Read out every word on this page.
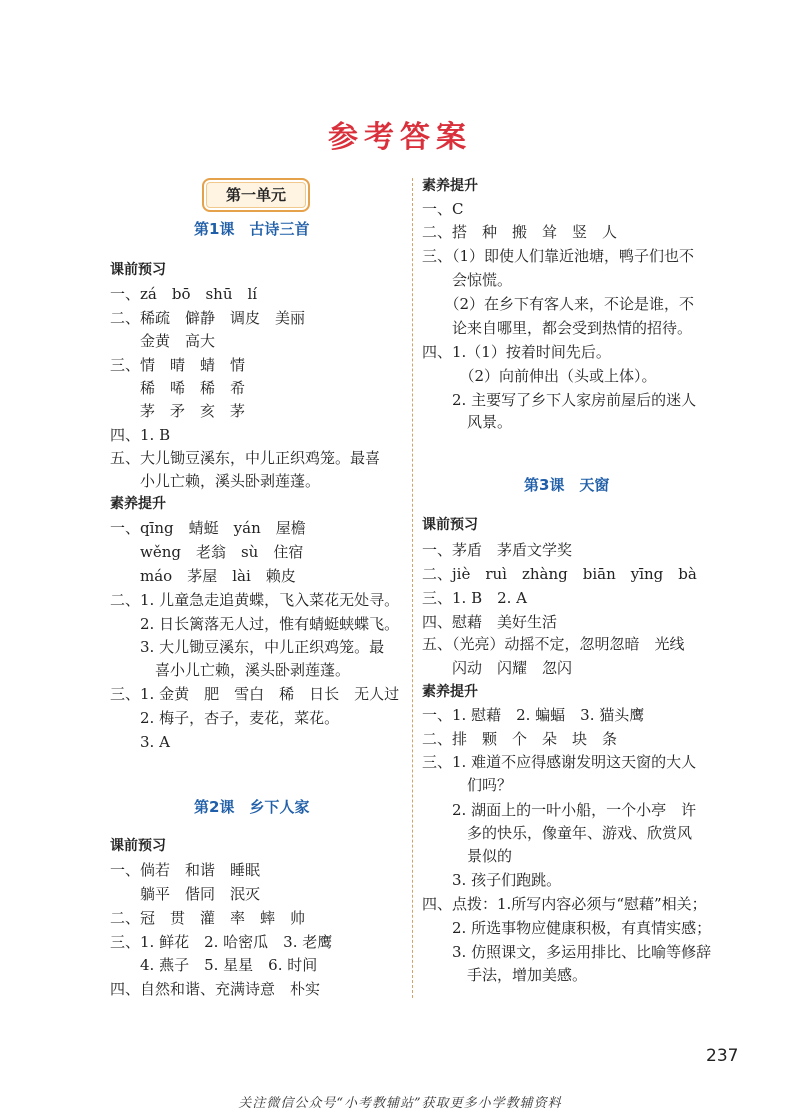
参考答案
第一单元
第1课　古诗三首
课前预习
一、zá　bō　shū　lí
二、稀疏　僻静　调皮　美丽
　　金黄　高大
三、情　晴　蜻　情
　　稀　唏　稀　希
　　茅　矛　亥　茅
四、1. B
五、大儿锄豆溪东，中儿正织鸡笼。最喜
　　小儿亡赖，溪头卧剥莲蓬。
素养提升
一、qīng　蜻蜓　yán　屋檐
　　wěng　老翁　sù　住宿
　　máo　茅屋　lài　赖皮
二、1. 儿童急走追黄蝶，飞入菜花无处寻。
　　2. 日长篱落无人过，惟有蜻蜓蛱蝶飞。
　　3. 大儿锄豆溪东，中儿正织鸡笼。最
　　　喜小儿亡赖，溪头卧剥莲蓬。
三、1. 金黄　肥　雪白　稀　日长　无人过
　　2. 梅子，杏子，麦花，菜花。
　　3. A
第2课　乡下人家
课前预习
一、倘若　和谐　睡眠
　　躺平　偕同　泯灭
二、冠　贯　灌　率　蟀　帅
三、1. 鲜花　2. 哈密瓜　3. 老鹰
　　4. 燕子　5. 星星　6. 时间
四、自然和谐、充满诗意　朴实
素养提升
一、C
二、搭　种　搬　耸　竖　人
三、（1）即使人们靠近池塘，鸭子们也不
　　会惊慌。
　　（2）在乡下有客人来，不论是谁，不
　　论来自哪里，都会受到热情的招待。
四、1.（1）按着时间先后。
　　　（2）向前伸出（头或上体）。
　　2. 主要写了乡下人家房前屋后的迷人
　　　风景。
第3课　天窗
课前预习
一、茅盾　茅盾文学奖
二、jiè　ruì　zhàng　biān　yīng　bà
三、1. B　2. A
四、慰藉　美好生活
五、（光亮）动摇不定，忽明忽暗　光线
　　闪动　闪耀　忽闪
素养提升
一、1. 慰藉　2. 蝙蝠　3. 猫头鹰
二、排　颗　个　朵　块　条
三、1. 难道不应得感谢发明这天窗的大人
　　　们吗？
　　2. 湖面上的一叶小船，一个小亭　许
　　　多的快乐，像童年、游戏、欣赏风
　　　景似的
　　3. 孩子们跑跳。
四、点拨：1.所写内容必须与“慰藉”相关；
　　2. 所选事物应健康积极，有真情实感；
　　3. 仿照课文，多运用排比、比喻等修辞
　　　手法，增加美感。
237
关注微信公众号“小考教辅站”获取更多小学教辅资料
